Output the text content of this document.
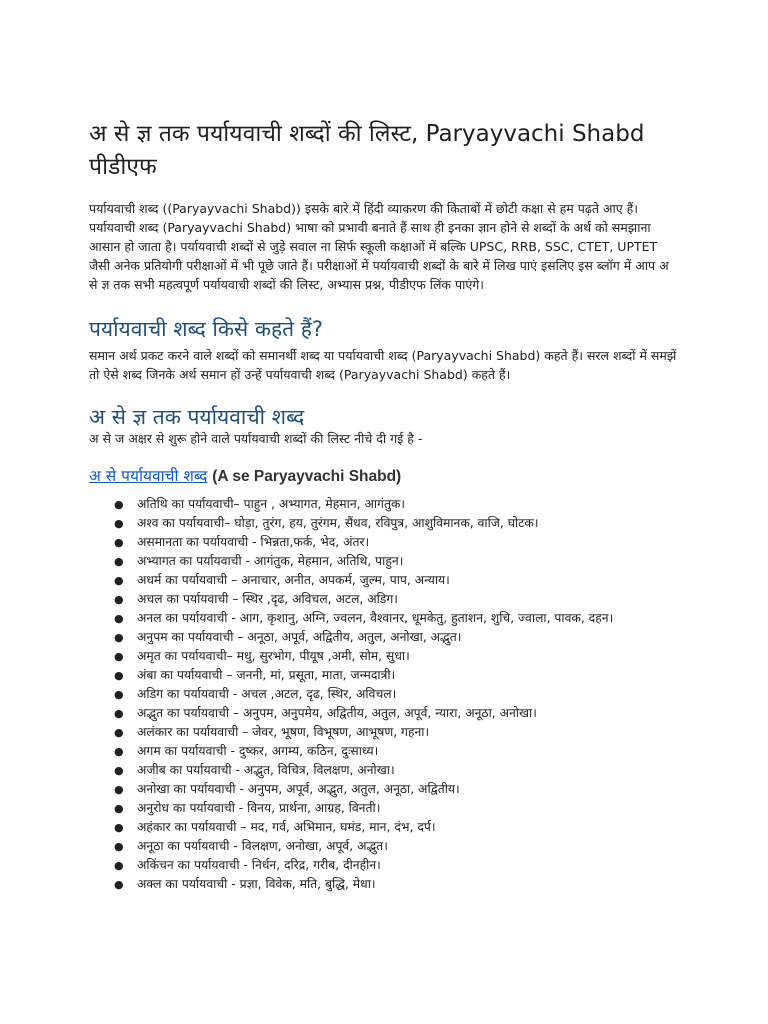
अ से ज्ञ तक पर्यायवाची शब्दों की लिस्ट, Paryayvachi Shabd पीडीएफ

पर्यायवाची शब्द ((Paryayvachi Shabd)) इसके बारे में हिंदी व्याकरण की किताबों में छोटी कक्षा से हम पढ़ते आए हैं। पर्यायवाची शब्द (Paryayvachi Shabd) भाषा को प्रभावी बनाते हैं साथ ही इनका ज्ञान होने से शब्दों के अर्थ को समझाना आसान हो जाता है। पर्यायवाची शब्दों से जुड़े सवाल ना सिर्फ स्कूली कक्षाओं में बल्कि UPSC, RRB, SSC, CTET, UPTET जैसी अनेक प्रतियोगी परीक्षाओं में भी पूछे जाते हैं। परीक्षाओं में पर्यायवाची शब्दों के बारे में लिख पाएं इसलिए इस ब्लॉग में आप अ से ज्ञ तक सभी महत्वपूर्ण पर्यायवाची शब्दों की लिस्ट, अभ्यास प्रश्न, पीडीएफ लिंक पाएंगे।

पर्यायवाची शब्द किसे कहते हैं?

समान अर्थ प्रकट करने वाले शब्दों को समानर्थी शब्द या पर्यायवाची शब्द (Paryayvachi Shabd) कहते हैं। सरल शब्दों में समझें तो ऐसे शब्द जिनके अर्थ समान हों उन्हें पर्यायवाची शब्द (Paryayvachi Shabd) कहते हैं।

अ से ज्ञ तक पर्यायवाची शब्द

अ से ज अक्षर से शुरू होने वाले पर्यायवाची शब्दों की लिस्ट नीचे दी गई है -

अ से पर्यायवाची शब्द (A se Paryayvachi Shabd)
● अतिथि का पर्यायवाची– पाहुन , अभ्यागत, मेहमान, आगंतुक।
● अश्व का पर्यायवाची– घोड़ा, तुरंग, हय, तुरंगम, सैंधव, रविपुत्र, आशुविमानक, वाजि, घोटक।
● असमानता का पर्यायवाची - भिन्नता,फर्क, भेद, अंतर।
● अभ्यागत का पर्यायवाची - आगंतुक, मेहमान, अतिथि, पाहुन।
● अधर्म का पर्यायवाची – अनाचार, अनीत, अपकर्म, जुल्म, पाप, अन्याय।
● अचल का पर्यायवाची – स्थिर ,दृढ, अविचल, अटल, अडिग।
● अनल का पर्यायवाची - आग, कृशानु, अग्नि, ज्वलन, वैश्वानर, धूमकेतु, हुताशन, शुचि, ज्वाला, पावक, दहन।
● अनुपम का पर्यायवाची – अनूठा, अपूर्व, अद्वितीय, अतुल, अनोखा, अद्भुत।
● अमृत का पर्यायवाची– मधु, सुरभोग, पीयूष ,अमी, सोम, सुधा।
● अंबा का पर्यायवाची – जननी, मां, प्रसूता, माता, जन्मदात्री।
● अडिग का पर्यायवाची - अचल ,अटल, दृढ, स्थिर, अविचल।
● अद्भुत का पर्यायवाची – अनुपम, अनुपमेय, अद्वितीय, अतुल, अपूर्व, न्यारा, अनूठा, अनोखा।
● अलंकार का पर्यायवाची – जेवर, भूषण, विभूषण, आभूषण, गहना।
● अगम का पर्यायवाची - दुष्कर, अगम्य, कठिन, दुःसाध्य।
● अजीब का पर्यायवाची - अद्भुत, विचित्र, विलक्षण, अनोखा।
● अनोखा का पर्यायवाची - अनुपम, अपूर्व, अद्भुत, अतुल, अनूठा, अद्वितीय।
● अनुरोध का पर्यायवाची - विनय, प्रार्थना, आग्रह, विनती।
● अहंकार का पर्यायवाची – मद, गर्व, अभिमान, घमंड, मान, दंभ, दर्प।
● अनूठा का पर्यायवाची - विलक्षण, अनोखा, अपूर्व, अद्भुत।
● अकिंचन का पर्यायवाची - निर्धन, दरिद्र, गरीब, दीनहीन।
● अक्ल का पर्यायवाची - प्रज्ञा, विवेक, मति, बुद्धि, मेधा।
